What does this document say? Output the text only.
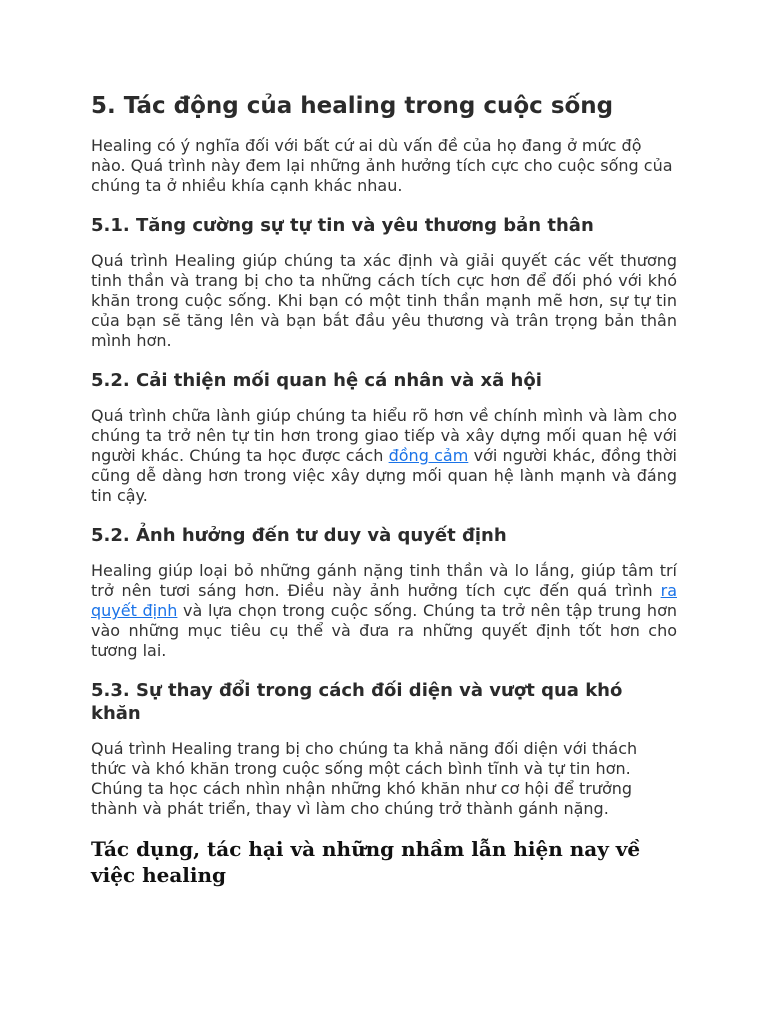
5. Tác động của healing trong cuộc sống

Healing có ý nghĩa đối với bất cứ ai dù vấn đề của họ đang ở mức độ nào. Quá trình này đem lại những ảnh hưởng tích cực cho cuộc sống của chúng ta ở nhiều khía cạnh khác nhau.

5.1. Tăng cường sự tự tin và yêu thương bản thân

Quá trình Healing giúp chúng ta xác định và giải quyết các vết thương tinh thần và trang bị cho ta những cách tích cực hơn để đối phó với khó khăn trong cuộc sống. Khi bạn có một tinh thần mạnh mẽ hơn, sự tự tin của bạn sẽ tăng lên và bạn bắt đầu yêu thương và trân trọng bản thân mình hơn.

5.2. Cải thiện mối quan hệ cá nhân và xã hội

Quá trình chữa lành giúp chúng ta hiểu rõ hơn về chính mình và làm cho chúng ta trở nên tự tin hơn trong giao tiếp và xây dựng mối quan hệ với người khác. Chúng ta học được cách đồng cảm với người khác, đồng thời cũng dễ dàng hơn trong việc xây dựng mối quan hệ lành mạnh và đáng tin cậy.

5.2. Ảnh hưởng đến tư duy và quyết định

Healing giúp loại bỏ những gánh nặng tinh thần và lo lắng, giúp tâm trí trở nên tươi sáng hơn. Điều này ảnh hưởng tích cực đến quá trình ra quyết định và lựa chọn trong cuộc sống. Chúng ta trở nên tập trung hơn vào những mục tiêu cụ thể và đưa ra những quyết định tốt hơn cho tương lai.

5.3. Sự thay đổi trong cách đối diện và vượt qua khó khăn

Quá trình Healing trang bị cho chúng ta khả năng đối diện với thách thức và khó khăn trong cuộc sống một cách bình tĩnh và tự tin hơn. Chúng ta học cách nhìn nhận những khó khăn như cơ hội để trưởng thành và phát triển, thay vì làm cho chúng trở thành gánh nặng.

Tác dụng, tác hại và những nhầm lẫn hiện nay về việc healing
